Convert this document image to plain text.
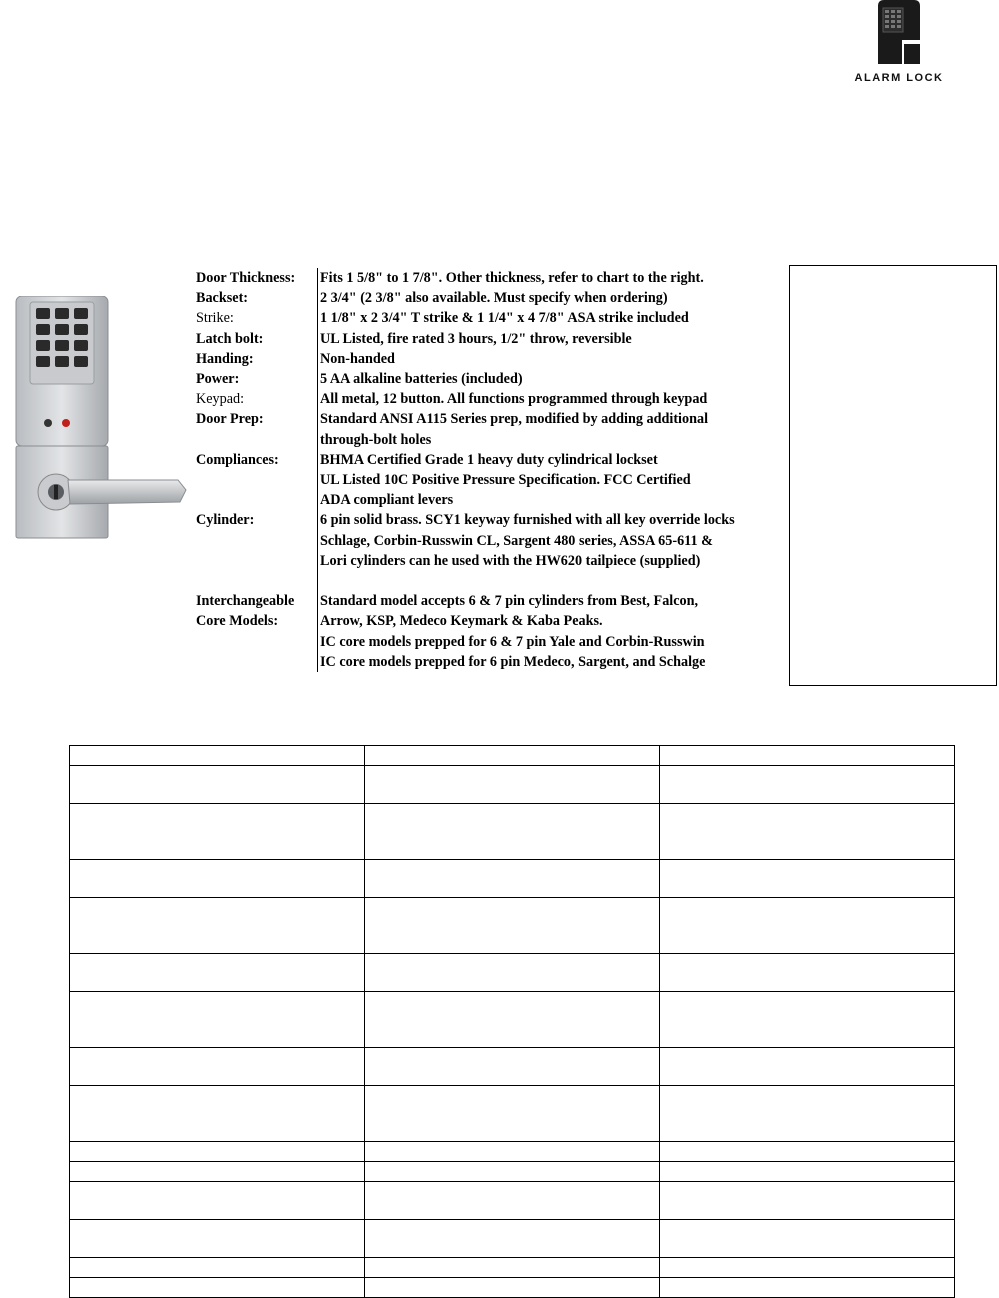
ALARM LOCK
Door Thickness:	Fits 1 5/8" to 1 7/8". Other thickness, refer to chart to the right.
Backset:	2 3/4" (2 3/8" also available. Must specify when ordering)
Strike:	1 1/8" x 2 3/4" T strike & 1 1/4" x 4 7/8" ASA strike included
Latch bolt:	UL Listed, fire rated 3 hours, 1/2" throw, reversible
Handing:	Non-handed
Power:	5 AA alkaline batteries (included)
Keypad:	All metal, 12 button. All functions programmed through keypad
Door Prep:	Standard ANSI A115 Series prep, modified by adding additional
through-bolt holes
Compliances:	BHMA Certified Grade 1 heavy duty cylindrical lockset
UL Listed 10C Positive Pressure Specification. FCC Certified
ADA compliant levers
Cylinder:	6 pin solid brass. SCY1 keyway furnished with all key override locks
Schlage, Corbin-Russwin CL, Sargent 480 series, ASSA 65-611 &
Lori cylinders can he used with the HW620 tailpiece (supplied)
Interchangeable	Standard model accepts 6 & 7 pin cylinders from Best, Falcon,
Core Models:	Arrow, KSP, Medeco Keymark & Kaba Peaks.
IC core models prepped for 6 & 7 pin Yale and Corbin-Russwin
IC core models prepped for 6 pin Medeco, Sargent, and Schalge
